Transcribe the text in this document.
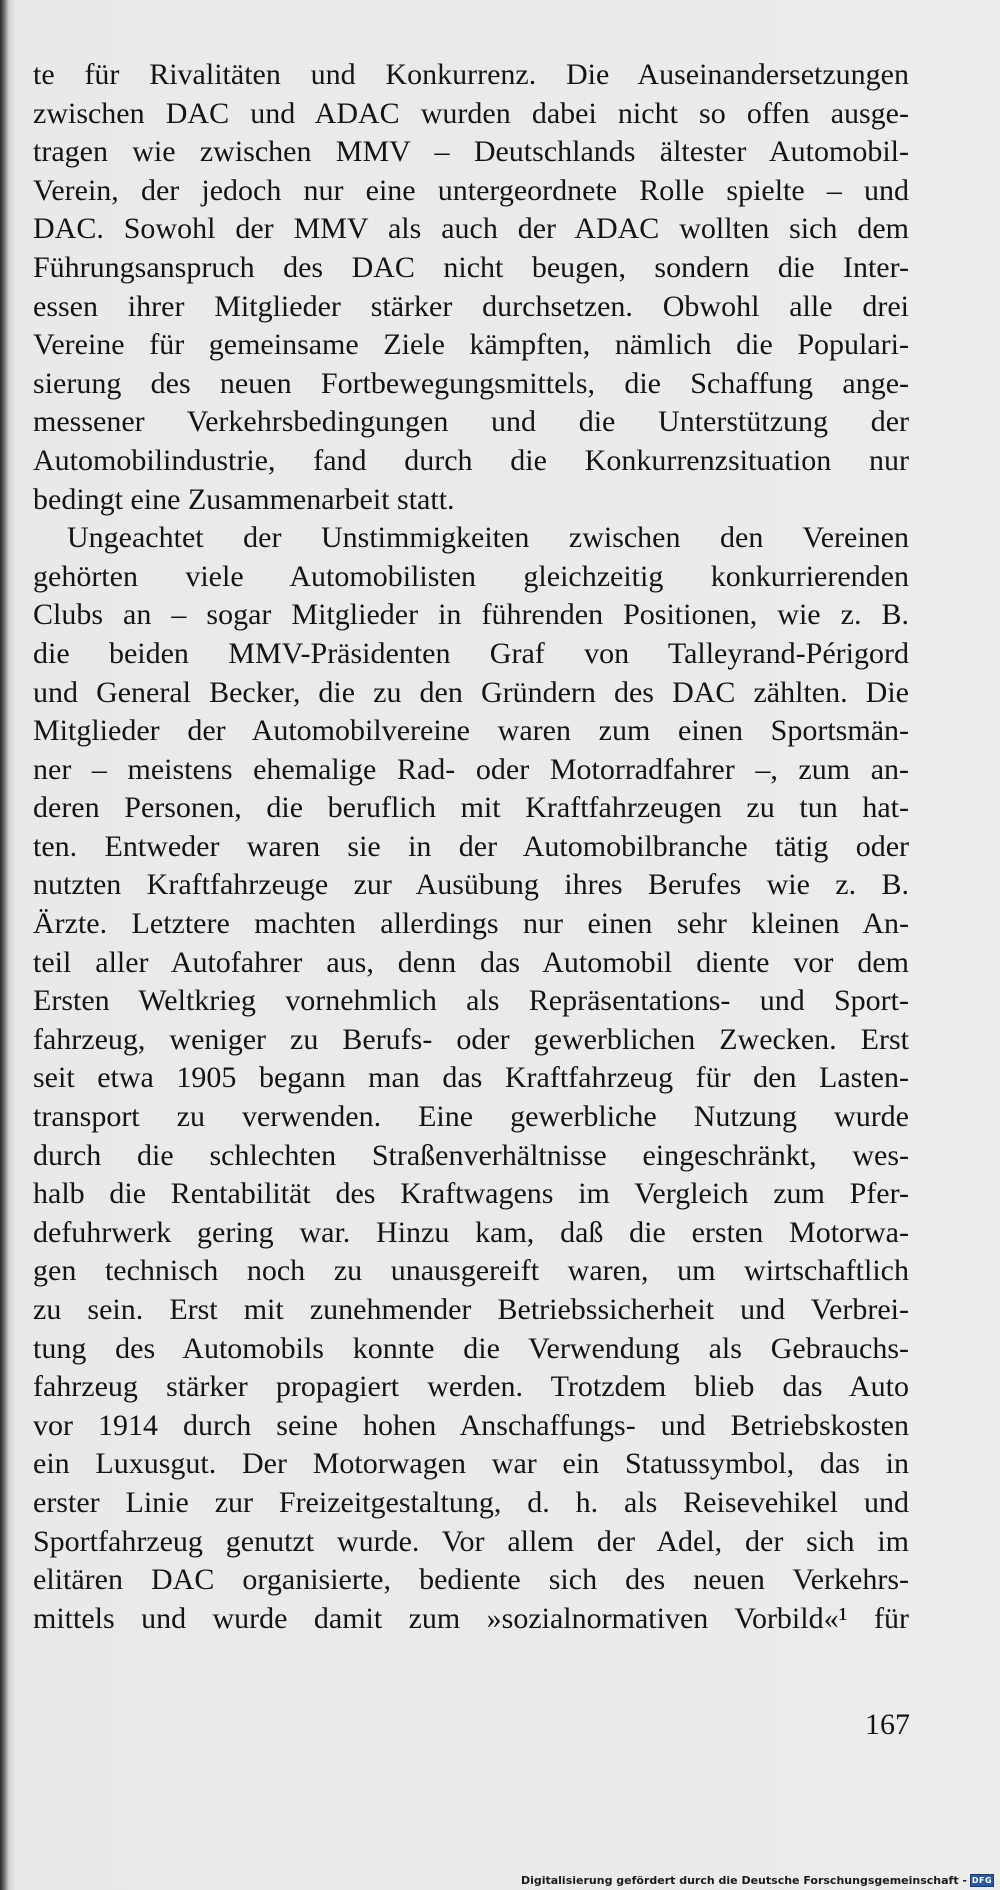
te für Rivalitäten und Konkurrenz. Die Auseinandersetzungen
zwischen DAC und ADAC wurden dabei nicht so offen ausge-
tragen wie zwischen MMV – Deutschlands ältester Automobil-
Verein, der jedoch nur eine untergeordnete Rolle spielte – und
DAC. Sowohl der MMV als auch der ADAC wollten sich dem
Führungsanspruch des DAC nicht beugen, sondern die Inter-
essen ihrer Mitglieder stärker durchsetzen. Obwohl alle drei
Vereine für gemeinsame Ziele kämpften, nämlich die Populari-
sierung des neuen Fortbewegungsmittels, die Schaffung ange-
messener Verkehrsbedingungen und die Unterstützung der
Automobilindustrie, fand durch die Konkurrenzsituation nur
bedingt eine Zusammenarbeit statt.
Ungeachtet der Unstimmigkeiten zwischen den Vereinen
gehörten viele Automobilisten gleichzeitig konkurrierenden
Clubs an – sogar Mitglieder in führenden Positionen, wie z. B.
die beiden MMV-Präsidenten Graf von Talleyrand-Périgord
und General Becker, die zu den Gründern des DAC zählten. Die
Mitglieder der Automobilvereine waren zum einen Sportsmän-
ner – meistens ehemalige Rad- oder Motorradfahrer –, zum an-
deren Personen, die beruflich mit Kraftfahrzeugen zu tun hat-
ten. Entweder waren sie in der Automobilbranche tätig oder
nutzten Kraftfahrzeuge zur Ausübung ihres Berufes wie z. B.
Ärzte. Letztere machten allerdings nur einen sehr kleinen An-
teil aller Autofahrer aus, denn das Automobil diente vor dem
Ersten Weltkrieg vornehmlich als Repräsentations- und Sport-
fahrzeug, weniger zu Berufs- oder gewerblichen Zwecken. Erst
seit etwa 1905 begann man das Kraftfahrzeug für den Lasten-
transport zu verwenden. Eine gewerbliche Nutzung wurde
durch die schlechten Straßenverhältnisse eingeschränkt, wes-
halb die Rentabilität des Kraftwagens im Vergleich zum Pfer-
defuhrwerk gering war. Hinzu kam, daß die ersten Motorwa-
gen technisch noch zu unausgereift waren, um wirtschaftlich
zu sein. Erst mit zunehmender Betriebssicherheit und Verbrei-
tung des Automobils konnte die Verwendung als Gebrauchs-
fahrzeug stärker propagiert werden. Trotzdem blieb das Auto
vor 1914 durch seine hohen Anschaffungs- und Betriebskosten
ein Luxusgut. Der Motorwagen war ein Statussymbol, das in
erster Linie zur Freizeitgestaltung, d. h. als Reisevehikel und
Sportfahrzeug genutzt wurde. Vor allem der Adel, der sich im
elitären DAC organisierte, bediente sich des neuen Verkehrs-
mittels und wurde damit zum »sozialnormativen Vorbild«¹ für
167
Digitalisierung gefördert durch die Deutsche Forschungsgemeinschaft - DFG
